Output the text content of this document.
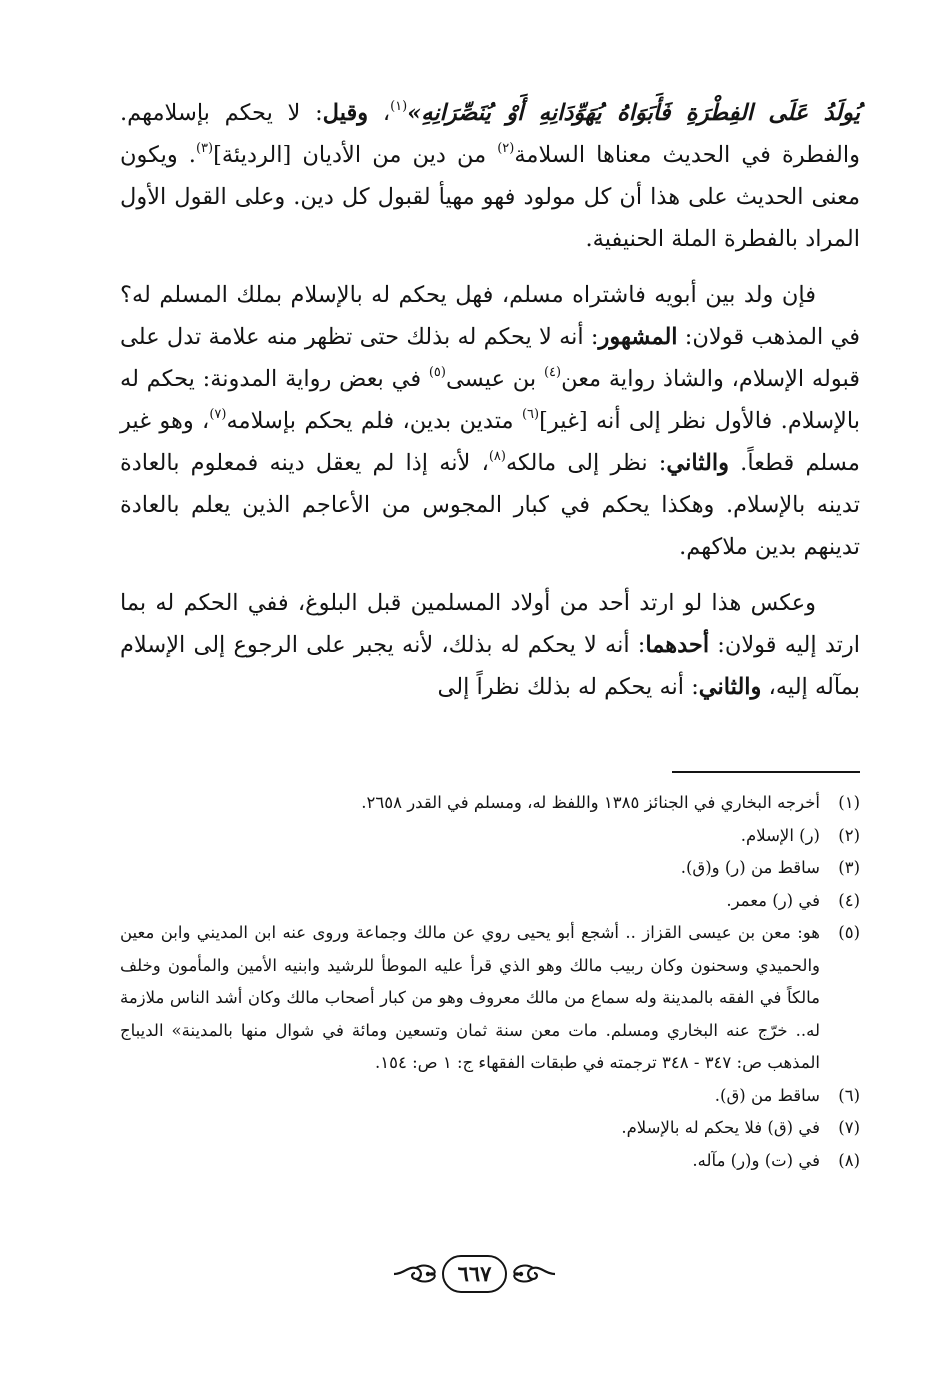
يُولَدُ عَلَى الفِطْرَةِ فَأَبَوَاهُ يُهَوِّدَانِهِ أَوْ يُنَصِّرَانِهِ»$^{(١)}$، وقيل: لا يحكم بإسلامهم. والفطرة في الحديث معناها السلامة$^{(٢)}$ من دين من الأديان [الرديئة]$^{(٣)}$. ويكون معنى الحديث على هذا أن كل مولود فهو مهيأ لقبول كل دين. وعلى القول الأول المراد بالفطرة الملة الحنيفية.

فإن ولد بين أبويه فاشتراه مسلم، فهل يحكم له بالإسلام بملك المسلم له؟ في المذهب قولان: المشهور: أنه لا يحكم له بذلك حتى تظهر منه علامة تدل على قبوله الإسلام، والشاذ رواية معن$^{(٤)}$ بن عيسى$^{(٥)}$ في بعض رواية المدونة: يحكم له بالإسلام. فالأول نظر إلى أنه [غير]$^{(٦)}$ متدين بدين، فلم يحكم بإسلامه$^{(٧)}$، وهو غير مسلم قطعاً. والثاني: نظر إلى مالكه$^{(٨)}$، لأنه إذا لم يعقل دينه فمعلوم بالعادة تدينه بالإسلام. وهكذا يحكم في كبار المجوس من الأعاجم الذين يعلم بالعادة تدينهم بدين ملاكهم.

وعكس هذا لو ارتد أحد من أولاد المسلمين قبل البلوغ، ففي الحكم له بما ارتد إليه قولان: أحدهما: أنه لا يحكم له بذلك، لأنه يجبر على الرجوع إلى الإسلام بمآله إليه، والثاني: أنه يحكم له بذلك نظراً إلى

(١)
أخرجه البخاري في الجنائز ١٣٨٥ واللفظ له، ومسلم في القدر ٢٦٥٨.
(٢)
(ر) الإسلام.
(٣)
ساقط من (ر) و(ق).
(٤)
في (ر) معمر.
(٥)
هو: معن بن عيسى القزاز .. أشجع أبو يحيى روي عن مالك وجماعة وروى عنه ابن المديني وابن معين والحميدي وسحنون وكان ربيب مالك وهو الذي قرأ عليه الموطأ للرشيد وابنيه الأمين والمأمون وخلف مالكاً في الفقه بالمدينة وله سماع من مالك معروف وهو من كبار أصحاب مالك وكان أشد الناس ملازمة له.. خرّج عنه البخاري ومسلم. مات معن سنة ثمان وتسعين ومائة في شوال منها بالمدينة» الديباج المذهب ص: ٣٤٧ - ٣٤٨ ترجمته في طبقات الفقهاء ج: ١ ص: ١٥٤.
(٦)
ساقط من (ق).
(٧)
في (ق) فلا يحكم له بالإسلام.
(٨)
في (ت) و(ر) مآله.
٦٦٧
